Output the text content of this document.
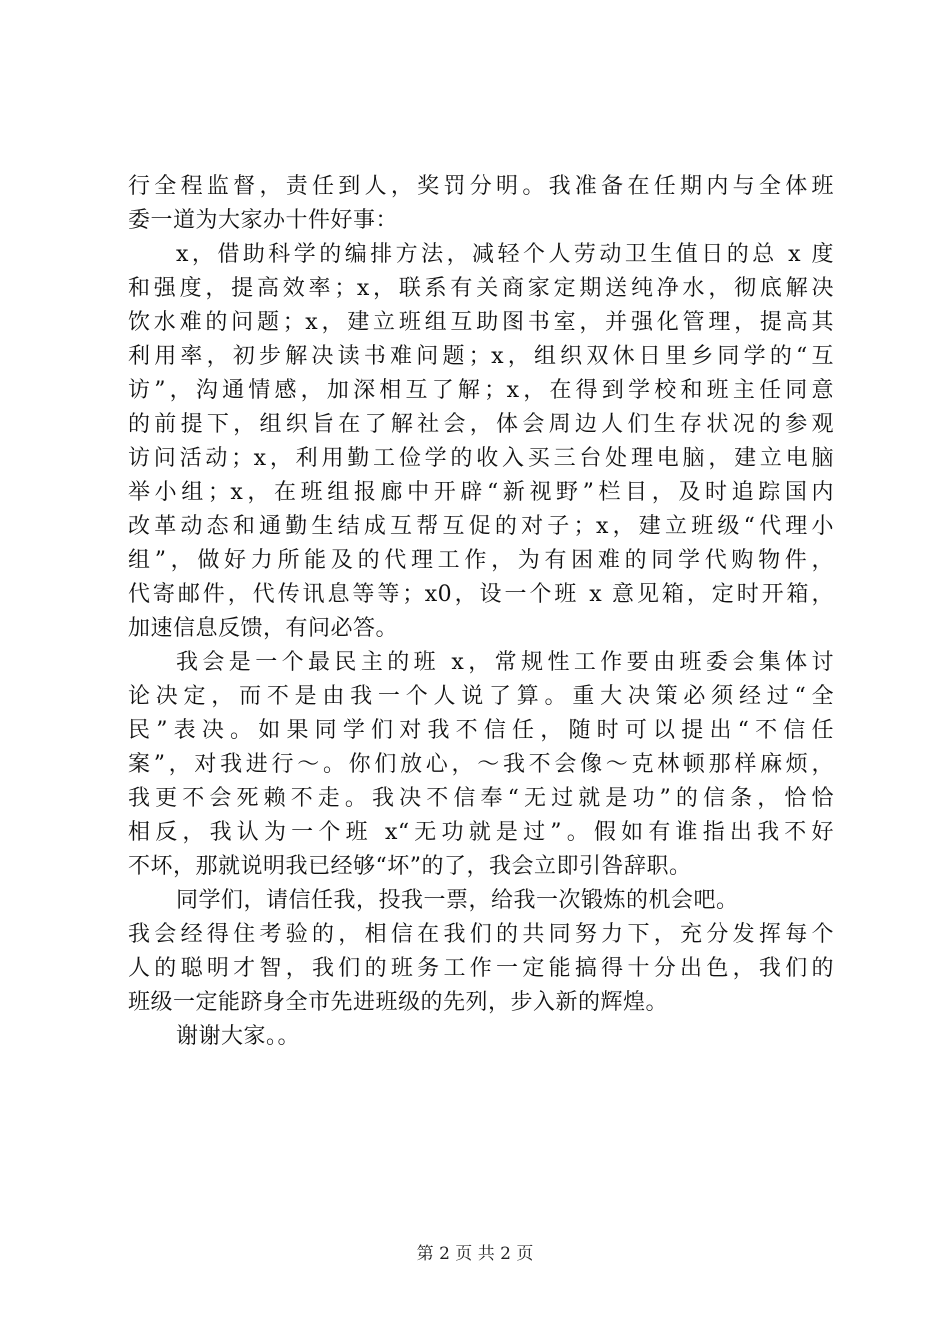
行全程监督，责任到人，奖罚分明。我准备在任期内与全体班
委一道为大家办十件好事：
x，借助科学的编排方法，减轻个人劳动卫生值日的总 x 度
和强度，提高效率；x，联系有关商家定期送纯净水，彻底解决
饮水难的问题；x，建立班组互助图书室，并强化管理，提高其
利用率，初步解决读书难问题；x，组织双休日里乡同学的“互
访”，沟通情感，加深相互了解；x，在得到学校和班主任同意
的前提下，组织旨在了解社会，体会周边人们生存状况的参观
访问活动；x，利用勤工俭学的收入买三台处理电脑，建立电脑
举小组；x，在班组报廊中开辟“新视野”栏目，及时追踪国内
改革动态和通勤生结成互帮互促的对子；x，建立班级“代理小
组”，做好力所能及的代理工作，为有困难的同学代购物件，
代寄邮件，代传讯息等等；x0，设一个班 x 意见箱，定时开箱，
加速信息反馈，有问必答。
我会是一个最民主的班 x，常规性工作要由班委会集体讨
论决定，而不是由我一个人说了算。重大决策必须经过“全
民”表决。如果同学们对我不信任，随时可以提出“不信任
案”，对我进行～。你们放心，～我不会像～克林顿那样麻烦，
我更不会死赖不走。我决不信奉“无过就是功”的信条，恰恰
相反，我认为一个班 x“无功就是过”。假如有谁指出我不好
不坏，那就说明我已经够“坏”的了，我会立即引咎辞职。
同学们，请信任我，投我一票，给我一次锻炼的机会吧。
我会经得住考验的，相信在我们的共同努力下，充分发挥每个
人的聪明才智，我们的班务工作一定能搞得十分出色，我们的
班级一定能跻身全市先进班级的先列，步入新的辉煌。
谢谢大家。。
第 2 页 共 2 页
